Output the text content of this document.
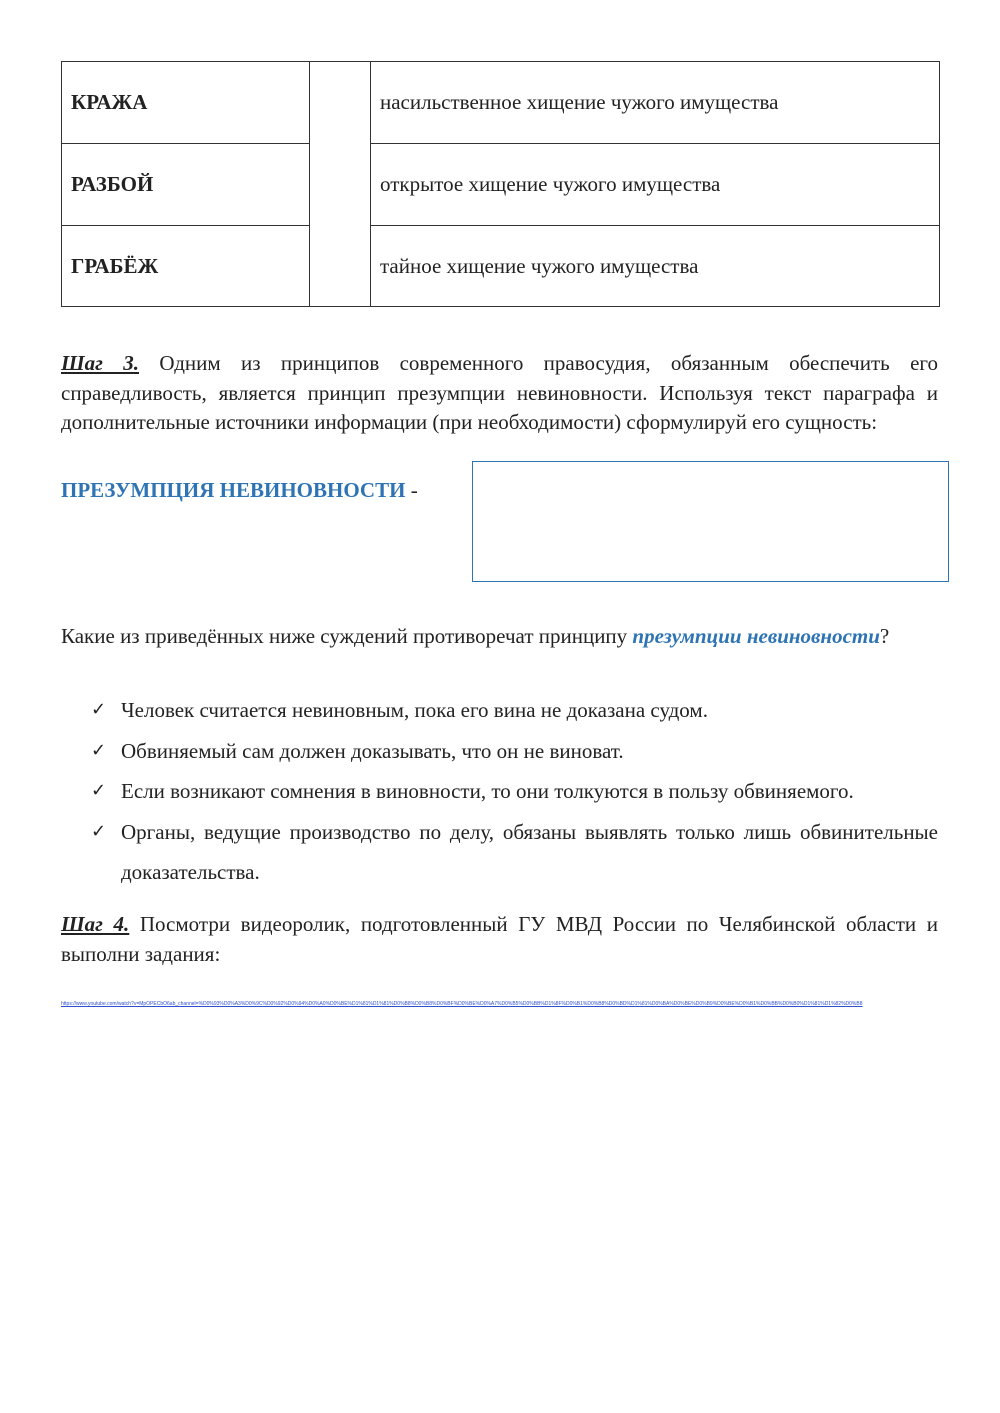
КРАЖА		насильственное хищение чужого имущества
РАЗБОЙ		открытое хищение чужого имущества
ГРАБЁЖ		тайное хищение чужого имущества

Шаг 3. Одним из принципов современного правосудия, обязанным обеспечить его справедливость, является принцип презумпции невиновности. Используя текст параграфа и дополнительные источники информации (при необходимости) сформулируй его сущность:

ПРЕЗУМПЦИЯ НЕВИНОВНОСТИ -

Какие из приведённых ниже суждений противоречат принципу презумпции невиновности?

✓ Человек считается невиновным, пока его вина не доказана судом.
✓ Обвиняемый сам должен доказывать, что он не виноват.
✓ Если возникают сомнения в виновности, то они толкуются в пользу обвиняемого.
✓ Органы, ведущие производство по делу, обязаны выявлять только лишь обвинительные доказательства.

Шаг 4. Посмотри видеоролик, подготовленный ГУ МВД России по Челябинской области и выполни задания:

https://www.youtube.com/watch?v=MpOPECbO6ab_channel=%D0%93%D0%A3%D0%9C%D0%92%D0%94%D0%A0%D0%BE%D1%81%D1%81%D0%B8%D0%B8%D0%BF%D0%BE%D0%A7%D0%B5%D0%BB%D1%8F%D0%B1%D0%B8%D0%BD%D1%81%D0%BA%D0%BE%D0%B9%D0%BE%D0%B1%D0%BB%D0%B0%D1%81%D1%82%D0%B8
